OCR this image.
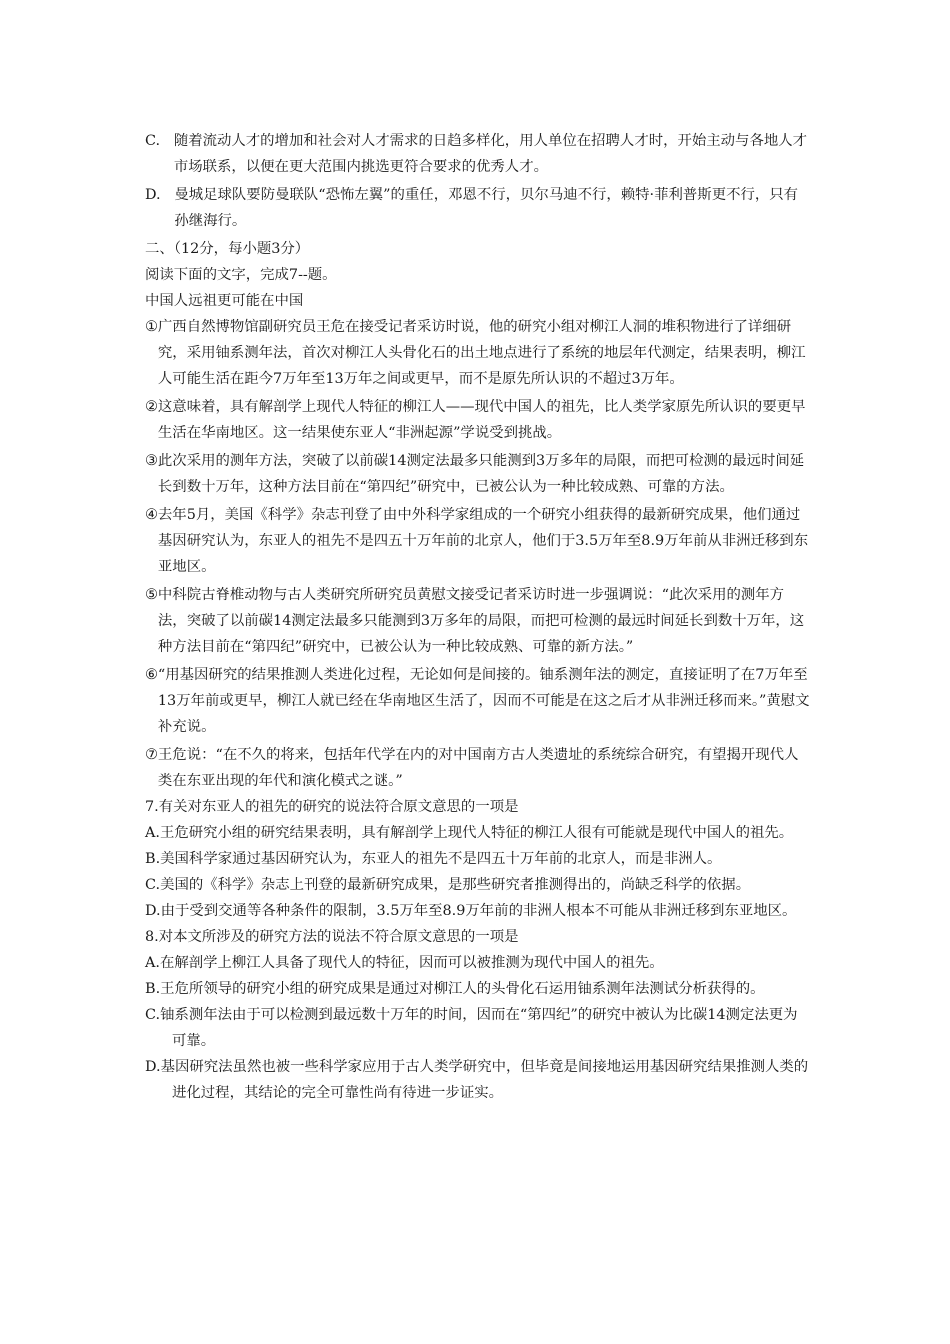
C.
随着流动人才的增加和社会对人才需求的日趋多样化，用人单位在招聘人才时，开始主动与各地人才市场联系，以便在更大范围内挑选更符合要求的优秀人才。
D.
曼城足球队要防曼联队“恐怖左翼”的重任，邓恩不行，贝尔马迪不行，赖特·菲利普斯更不行，只有孙继海行。
二、（12分，每小题3分）
阅读下面的文字，完成7--题。
中国人远祖更可能在中国
① 广西自然博物馆副研究员王危在接受记者采访时说，他的研究小组对柳江人洞的堆积物进行了详细研究，采用铀系测年法，首次对柳江人头骨化石的出土地点进行了系统的地层年代测定，结果表明，柳江人可能生活在距今7万年至13万年之间或更早，而不是原先所认识的不超过3万年。
② 这意味着，具有解剖学上现代人特征的柳江人——现代中国人的祖先，比人类学家原先所认识的要更早生活在华南地区。这一结果使东亚人“非洲起源”学说受到挑战。
③ 此次采用的测年方法，突破了以前碳14测定法最多只能测到3万多年的局限，而把可检测的最远时间延长到数十万年，这种方法目前在“第四纪”研究中，已被公认为一种比较成熟、可靠的方法。
④ 去年5月，美国《科学》杂志刊登了由中外科学家组成的一个研究小组获得的最新研究成果，他们通过基因研究认为，东亚人的祖先不是四五十万年前的北京人，他们于3.5万年至8.9万年前从非洲迁移到东亚地区。
⑤ 中科院古脊椎动物与古人类研究所研究员黄慰文接受记者采访时进一步强调说：“此次采用的测年方法，突破了以前碳14测定法最多只能测到3万多年的局限，而把可检测的最远时间延长到数十万年，这种方法目前在“第四纪”研究中，已被公认为一种比较成熟、可靠的新方法。”
⑥ “用基因研究的结果推测人类进化过程，无论如何是间接的。铀系测年法的测定，直接证明了在7万年至13万年前或更早，柳江人就已经在华南地区生活了，因而不可能是在这之后才从非洲迁移而来。”黄慰文补充说。
⑦ 王危说：“在不久的将来，包括年代学在内的对中国南方古人类遗址的系统综合研究，有望揭开现代人类在东亚出现的年代和演化模式之谜。”
7.有关对东亚人的祖先的研究的说法符合原文意思的一项是
A.王危研究小组的研究结果表明，具有解剖学上现代人特征的柳江人很有可能就是现代中国人的祖先。
B.美国科学家通过基因研究认为，东亚人的祖先不是四五十万年前的北京人，而是非洲人。
C.美国的《科学》杂志上刊登的最新研究成果，是那些研究者推测得出的，尚缺乏科学的依据。
D.由于受到交通等各种条件的限制，3.5万年至8.9万年前的非洲人根本不可能从非洲迁移到东亚地区。
8.对本文所涉及的研究方法的说法不符合原文意思的一项是
A.在解剖学上柳江人具备了现代人的特征，因而可以被推测为现代中国人的祖先。
B.王危所领导的研究小组的研究成果是通过对柳江人的头骨化石运用铀系测年法测试分析获得的。
C.铀系测年法由于可以检测到最远数十万年的时间，因而在“第四纪”的研究中被认为比碳14测定法更为可靠。
D.基因研究法虽然也被一些科学家应用于古人类学研究中，但毕竟是间接地运用基因研究结果推测人类的进化过程，其结论的完全可靠性尚有待进一步证实。
